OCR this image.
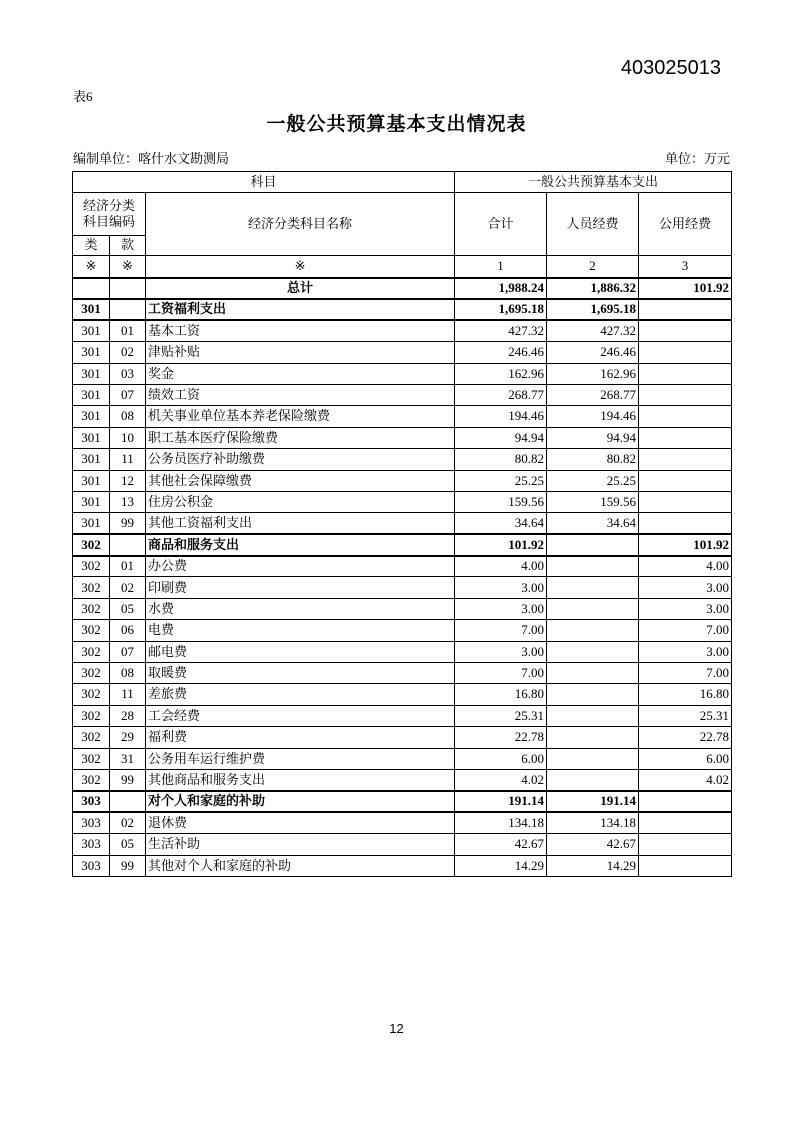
403025013
表6
一般公共预算基本支出情况表
编制单位：喀什水文勘测局	单位：万元
科目			一般公共预算基本支出		
经济分类科目编码		经济分类科目名称	合计	人员经费	公用经费
类	款				
※	※	※	1	2	3
		总计	1,988.24	1,886.32	101.92
301		工资福利支出	1,695.18	1,695.18	
301	01	基本工资	427.32	427.32	
301	02	津贴补贴	246.46	246.46	
301	03	奖金	162.96	162.96	
301	07	绩效工资	268.77	268.77	
301	08	机关事业单位基本养老保险缴费	194.46	194.46	
301	10	职工基本医疗保险缴费	94.94	94.94	
301	11	公务员医疗补助缴费	80.82	80.82	
301	12	其他社会保障缴费	25.25	25.25	
301	13	住房公积金	159.56	159.56	
301	99	其他工资福利支出	34.64	34.64	
302		商品和服务支出	101.92		101.92
302	01	办公费	4.00		4.00
302	02	印刷费	3.00		3.00
302	05	水费	3.00		3.00
302	06	电费	7.00		7.00
302	07	邮电费	3.00		3.00
302	08	取暖费	7.00		7.00
302	11	差旅费	16.80		16.80
302	28	工会经费	25.31		25.31
302	29	福利费	22.78		22.78
302	31	公务用车运行维护费	6.00		6.00
302	99	其他商品和服务支出	4.02		4.02
303		对个人和家庭的补助	191.14	191.14	
303	02	退休费	134.18	134.18	
303	05	生活补助	42.67	42.67	
303	99	其他对个人和家庭的补助	14.29	14.29	
12
